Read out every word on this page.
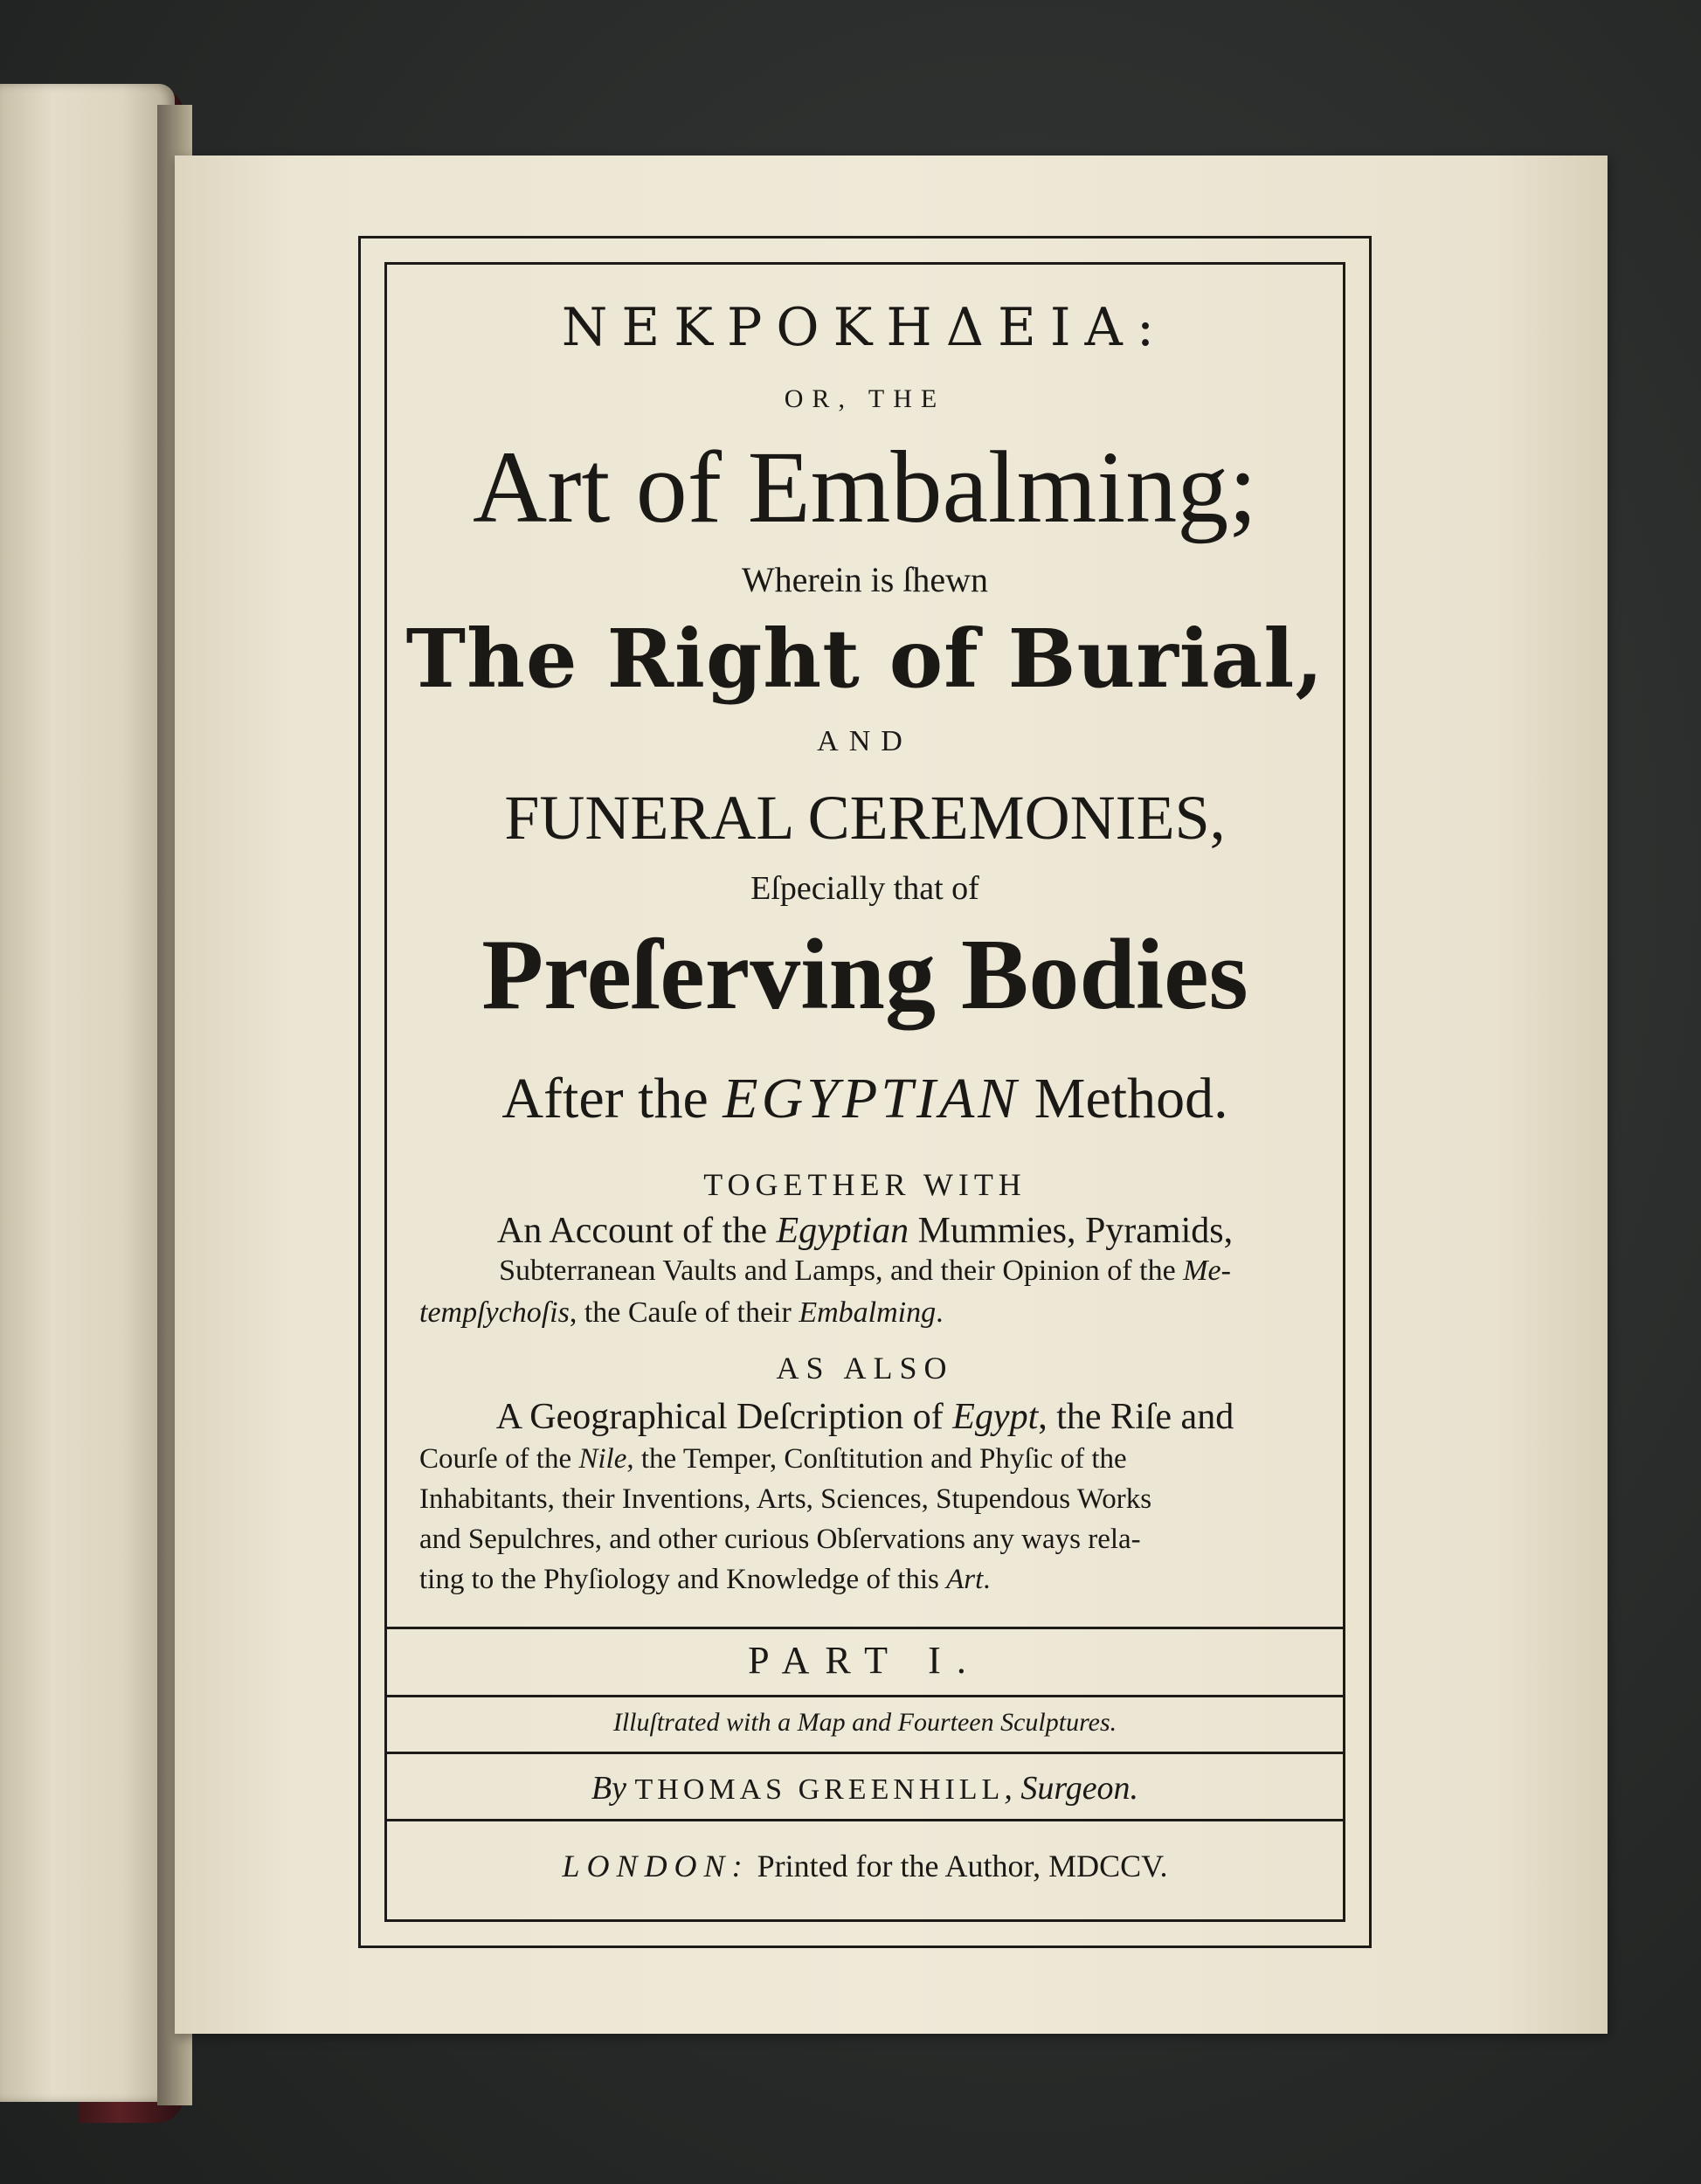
ΝΕΚΡΟΚΗΔΕΙΑ:

OR, THE

Art of Embalming;

Wherein is ſhewn

The Right of Burial,

AND

FUNERAL CEREMONIES,

Eſpecially that of

Preſerving Bodies

After the EGYPTIAN Method.

TOGETHER WITH

An Account of the Egyptian Mummies, Pyramids,
Subterranean Vaults and Lamps, and their Opinion of the Me-
tempſychoſis, the Cauſe of their Embalming.

AS ALSO

A Geographical Deſcription of Egypt, the Riſe and
Courſe of the Nile, the Temper, Conſtitution and Phyſic of the
Inhabitants, their Inventions, Arts, Sciences, Stupendous Works
and Sepulchres, and other curious Obſervations any ways rela-
ting to the Phyſiology and Knowledge of this Art.

PART I.

Illuſtrated with a Map and Fourteen Sculptures.

By THOMAS GREENHILL, Surgeon.

LONDON: Printed for the Author, MDCCV.
